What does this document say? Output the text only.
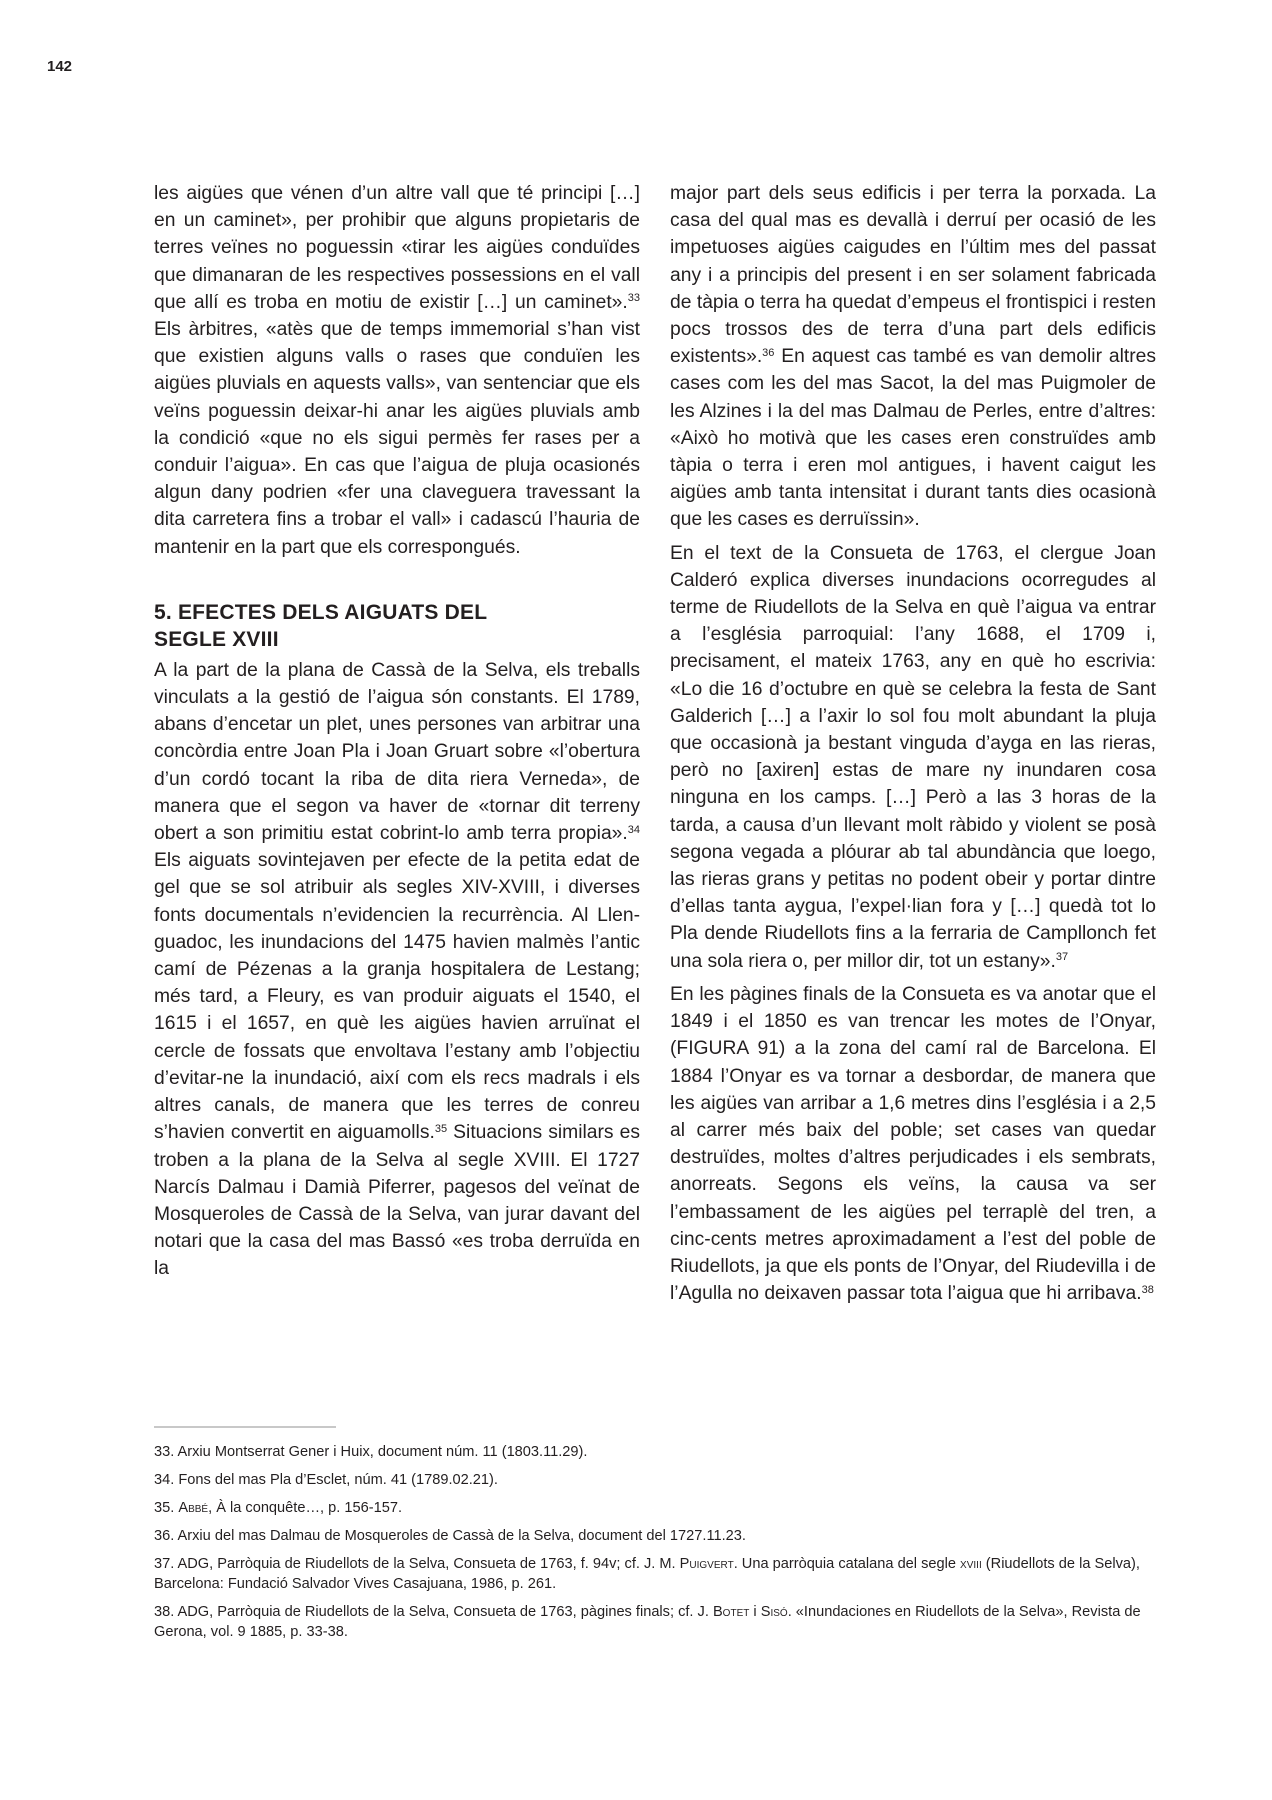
142

les aigües que vénen d’un altre vall que té principi […] en un caminet», per prohibir que alguns propietaris de terres veïnes no poguessin «tirar les aigües conduïdes que dimanaran de les respectives possessions en el vall que allí es troba en motiu de existir […] un caminet».$^{33}$ Els àrbitres, «atès que de temps immemorial s’han vist que existien alguns valls o rases que conduïen les aigües pluvials en aquests valls», van sentenciar que els veïns poguessin deixar-hi anar les aigües pluvials amb la condició «que no els sigui permès fer rases per a conduir l’aigua». En cas que l’aigua de pluja ocasionés algun dany podrien «fer una claveguera travessant la dita carretera fins a trobar el vall» i cadascú l’hauria de mantenir en la part que els correspongués.

5. EFECTES DELS AIGUATS DEL
SEGLE XVIII

A la part de la plana de Cassà de la Selva, els treballs vinculats a la gestió de l’aigua són constants. El 1789, abans d’encetar un plet, unes persones van arbitrar una concòrdia entre Joan Pla i Joan Gruart sobre «l’obertura d’un cordó tocant la riba de dita riera Verneda», de manera que el segon va haver de «tornar dit terreny obert a son primitiu estat cobrint-lo amb terra propia».$^{34}$ Els aiguats sovintejaven per efecte de la petita edat de gel que se sol atribuir als segles XIV-XVIII, i diverses fonts documentals n’evidencien la recurrència. Al Llenguadoc, les inundacions del 1475 havien malmès l’antic camí de Pézenas a la granja hospitalera de Lestang; més tard, a Fleury, es van produir aiguats el 1540, el 1615 i el 1657, en què les aigües havien arruïnat el cercle de fossats que envoltava l’estany amb l’objectiu d’evitar-ne la inundació, així com els recs madrals i els altres canals, de manera que les terres de conreu s’havien convertit en aiguamolls.$^{35}$ Situacions similars es troben a la plana de la Selva al segle XVIII. El 1727 Narcís Dalmau i Damià Piferrer, pagesos del veïnat de Mosqueroles de Cassà de la Selva, van jurar davant del notari que la casa del mas Bassó «es troba derruïda en la

major part dels seus edificis i per terra la porxada. La casa del qual mas es devallà i derruí per ocasió de les impetuoses aigües caigudes en l’últim mes del passat any i a principis del present i en ser solament fabricada de tàpia o terra ha quedat d’empeus el frontispici i resten pocs trossos des de terra d’una part dels edificis existents».$^{36}$ En aquest cas també es van demolir altres cases com les del mas Sacot, la del mas Puigmoler de les Alzines i la del mas Dalmau de Perles, entre d’altres: «Això ho motivà que les cases eren construïdes amb tàpia o terra i eren mol antigues, i havent caigut les aigües amb tanta intensitat i durant tants dies ocasionà que les cases es derruïssin».

En el text de la Consueta de 1763, el clergue Joan Calderó explica diverses inundacions ocorregudes al terme de Riudellots de la Selva en què l’aigua va entrar a l’església parroquial: l’any 1688, el 1709 i, precisament, el mateix 1763, any en què ho escrivia: «Lo die 16 d’octubre en què se celebra la festa de Sant Galderich […] a l’axir lo sol fou molt abundant la pluja que occasionà ja bestant vinguda d’ayga en las rieras, però no [axiren] estas de mare ny inundaren cosa ninguna en los camps. […] Però a las 3 horas de la tarda, a causa d’un llevant molt ràbido y violent se posà segona vegada a plóurar ab tal abundància que loego, las rieras grans y petitas no podent obeir y portar dintre d’ellas tanta aygua, l’expel·lian fora y […] quedà tot lo Pla dende Riudellots fins a la ferraria de Campllonch fet una sola riera o, per millor dir, tot un estany».$^{37}$

En les pàgines finals de la Consueta es va anotar que el 1849 i el 1850 es van trencar les motes de l’Onyar, (FIGURA 91) a la zona del camí ral de Barcelona. El 1884 l’Onyar es va tornar a desbordar, de manera que les aigües van arribar a 1,6 metres dins l’església i a 2,5 al carrer més baix del poble; set cases van quedar destruïdes, moltes d’altres perjudicades i els sembrats, anorreats. Segons els veïns, la causa va ser l’embassament de les aigües pel terraplè del tren, a cinc-cents metres aproximadament a l’est del poble de Riudellots, ja que els ponts de l’Onyar, del Riudevilla i de l’Agulla no deixaven passar tota l’aigua que hi arribava.$^{38}$

33. Arxiu Montserrat Gener i Huix, document núm. 11 (1803.11.29).
34. Fons del mas Pla d’Esclet, núm. 41 (1789.02.21).
35. Abbé, À la conquête…, p. 156-157.
36. Arxiu del mas Dalmau de Mosqueroles de Cassà de la Selva, document del 1727.11.23.
37. ADG, Parròquia de Riudellots de la Selva, Consueta de 1763, f. 94v; cf. J. M. Puigvert. Una parròquia catalana del segle xviii (Riudellots de la Selva), Barcelona: Fundació Salvador Vives Casajuana, 1986, p. 261.
38. ADG, Parròquia de Riudellots de la Selva, Consueta de 1763, pàgines finals; cf. J. Botet i Sisó. «Inundaciones en Riudellots de la Selva», Revista de Gerona, vol. 9 1885, p. 33-38.
